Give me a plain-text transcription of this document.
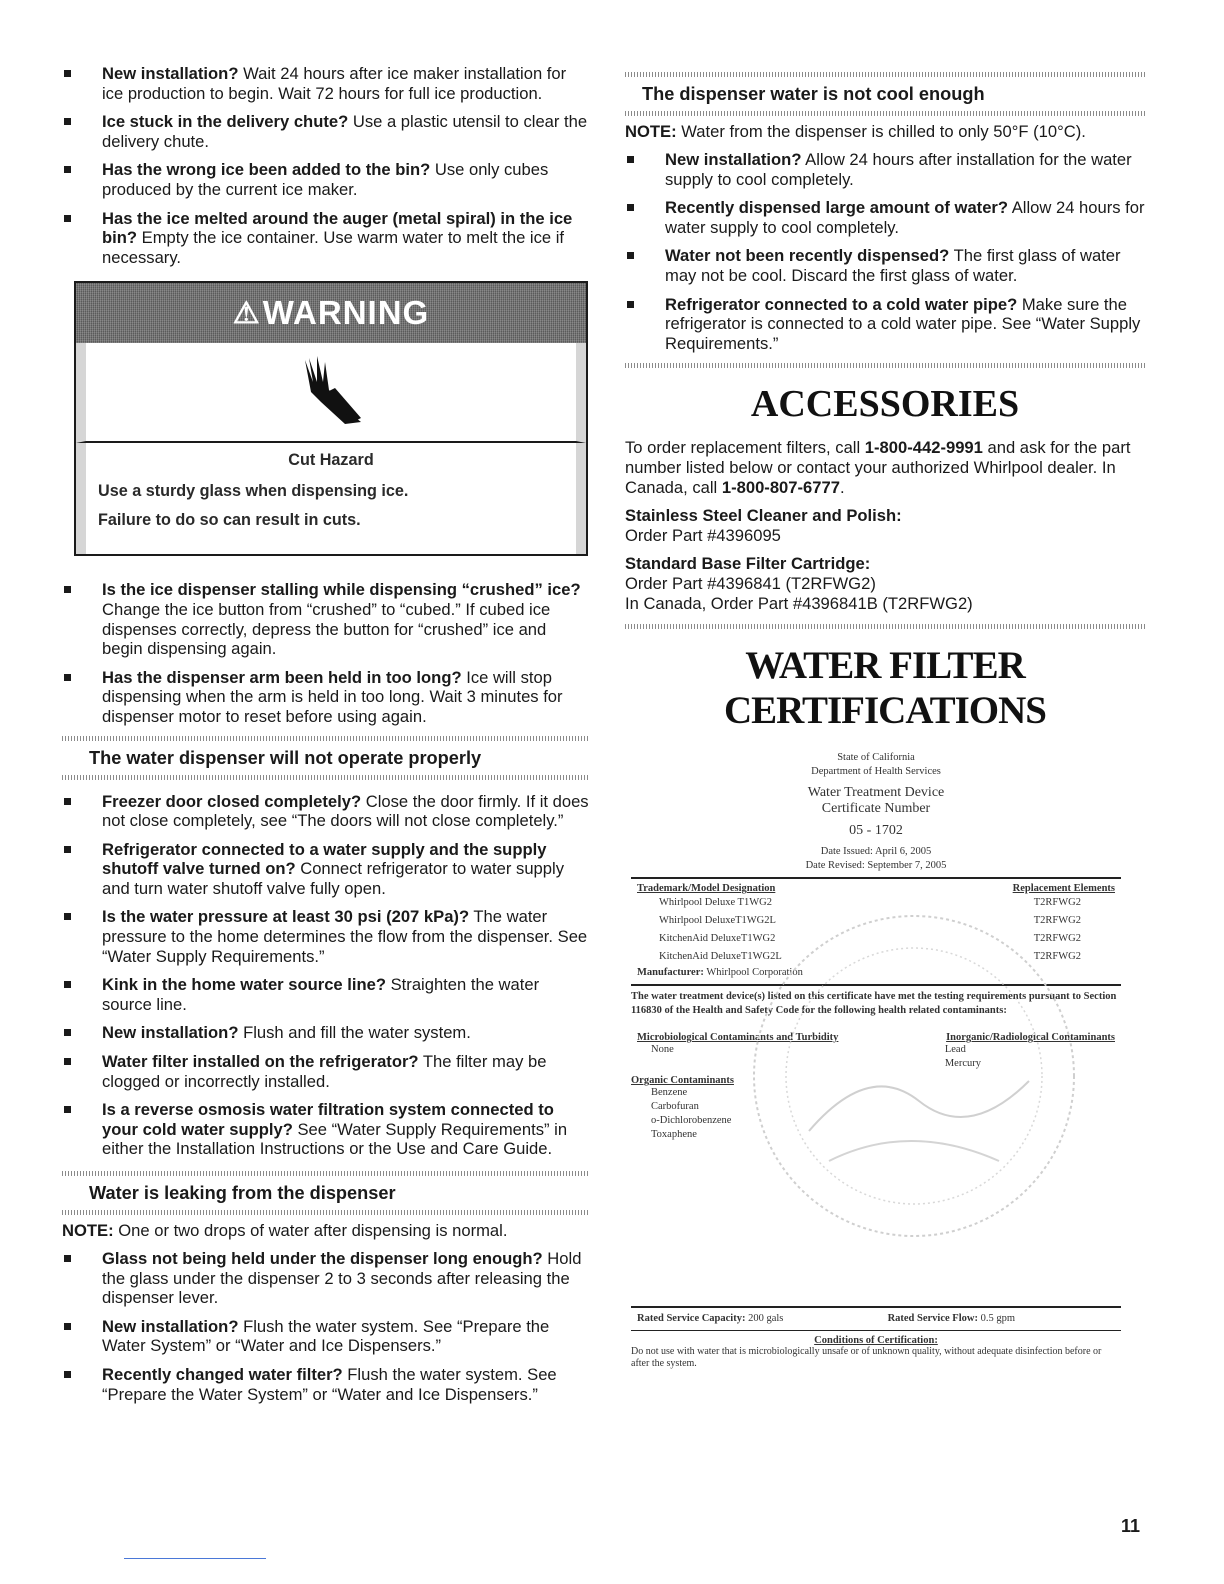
New installation? Wait 24 hours after ice maker installation for ice production to begin. Wait 72 hours for full ice production.
Ice stuck in the delivery chute? Use a plastic utensil to clear the delivery chute.
Has the wrong ice been added to the bin? Use only cubes produced by the current ice maker.
Has the ice melted around the auger (metal spiral) in the ice bin? Empty the ice container. Use warm water to melt the ice if necessary.
⚠ WARNING
Cut Hazard
Use a sturdy glass when dispensing ice.
Failure to do so can result in cuts.
Is the ice dispenser stalling while dispensing “crushed” ice? Change the ice button from “crushed” to “cubed.” If cubed ice dispenses correctly, depress the button for “crushed” ice and begin dispensing again.
Has the dispenser arm been held in too long? Ice will stop dispensing when the arm is held in too long. Wait 3 minutes for dispenser motor to reset before using again.
The water dispenser will not operate properly
Freezer door closed completely? Close the door firmly. If it does not close completely, see “The doors will not close completely.”
Refrigerator connected to a water supply and the supply shutoff valve turned on? Connect refrigerator to water supply and turn water shutoff valve fully open.
Is the water pressure at least 30 psi (207 kPa)? The water pressure to the home determines the flow from the dispenser. See “Water Supply Requirements.”
Kink in the home water source line? Straighten the water source line.
New installation? Flush and fill the water system.
Water filter installed on the refrigerator? The filter may be clogged or incorrectly installed.
Is a reverse osmosis water filtration system connected to your cold water supply? See “Water Supply Requirements” in either the Installation Instructions or the Use and Care Guide.
Water is leaking from the dispenser
NOTE: One or two drops of water after dispensing is normal.
Glass not being held under the dispenser long enough? Hold the glass under the dispenser 2 to 3 seconds after releasing the dispenser lever.
New installation? Flush the water system. See “Prepare the Water System” or “Water and Ice Dispensers.”
Recently changed water filter? Flush the water system. See “Prepare the Water System” or “Water and Ice Dispensers.”
The dispenser water is not cool enough
NOTE: Water from the dispenser is chilled to only 50°F (10°C).
New installation? Allow 24 hours after installation for the water supply to cool completely.
Recently dispensed large amount of water? Allow 24 hours for water supply to cool completely.
Water not been recently dispensed? The first glass of water may not be cool. Discard the first glass of water.
Refrigerator connected to a cold water pipe? Make sure the refrigerator is connected to a cold water pipe. See “Water Supply Requirements.”
ACCESSORIES
To order replacement filters, call 1-800-442-9991 and ask for the part number listed below or contact your authorized Whirlpool dealer. In Canada, call 1-800-807-6777.
Stainless Steel Cleaner and Polish:
Order Part #4396095
Standard Base Filter Cartridge:
Order Part #4396841 (T2RFWG2)
In Canada, Order Part #4396841B (T2RFWG2)
WATER FILTER CERTIFICATIONS
State of California
Department of Health Services
Water Treatment Device
Certificate Number
05 - 1702
Date Issued: April 6, 2005
Date Revised: September 7, 2005
Trademark/Model Designation	Replacement Elements
Whirlpool Deluxe T1WG2	T2RFWG2
Whirlpool DeluxeT1WG2L	T2RFWG2
KitchenAid DeluxeT1WG2	T2RFWG2
KitchenAid DeluxeT1WG2L	T2RFWG2
Manufacturer: Whirlpool Corporation
The water treatment device(s) listed on this certificate have met the testing requirements pursuant to Section 116830 of the Health and Safety Code for the following health related contaminants:
Microbiological Contaminants and Turbidity	Inorganic/Radiological Contaminants
None	Lead
Mercury
Organic Contaminants
Benzene
Carbofuran
o-Dichlorobenzene
Toxaphene
Rated Service Capacity: 200 gals	Rated Service Flow: 0.5 gpm
Conditions of Certification:
Do not use with water that is microbiologically unsafe or of unknown quality, without adequate disinfection before or after the system.
11
